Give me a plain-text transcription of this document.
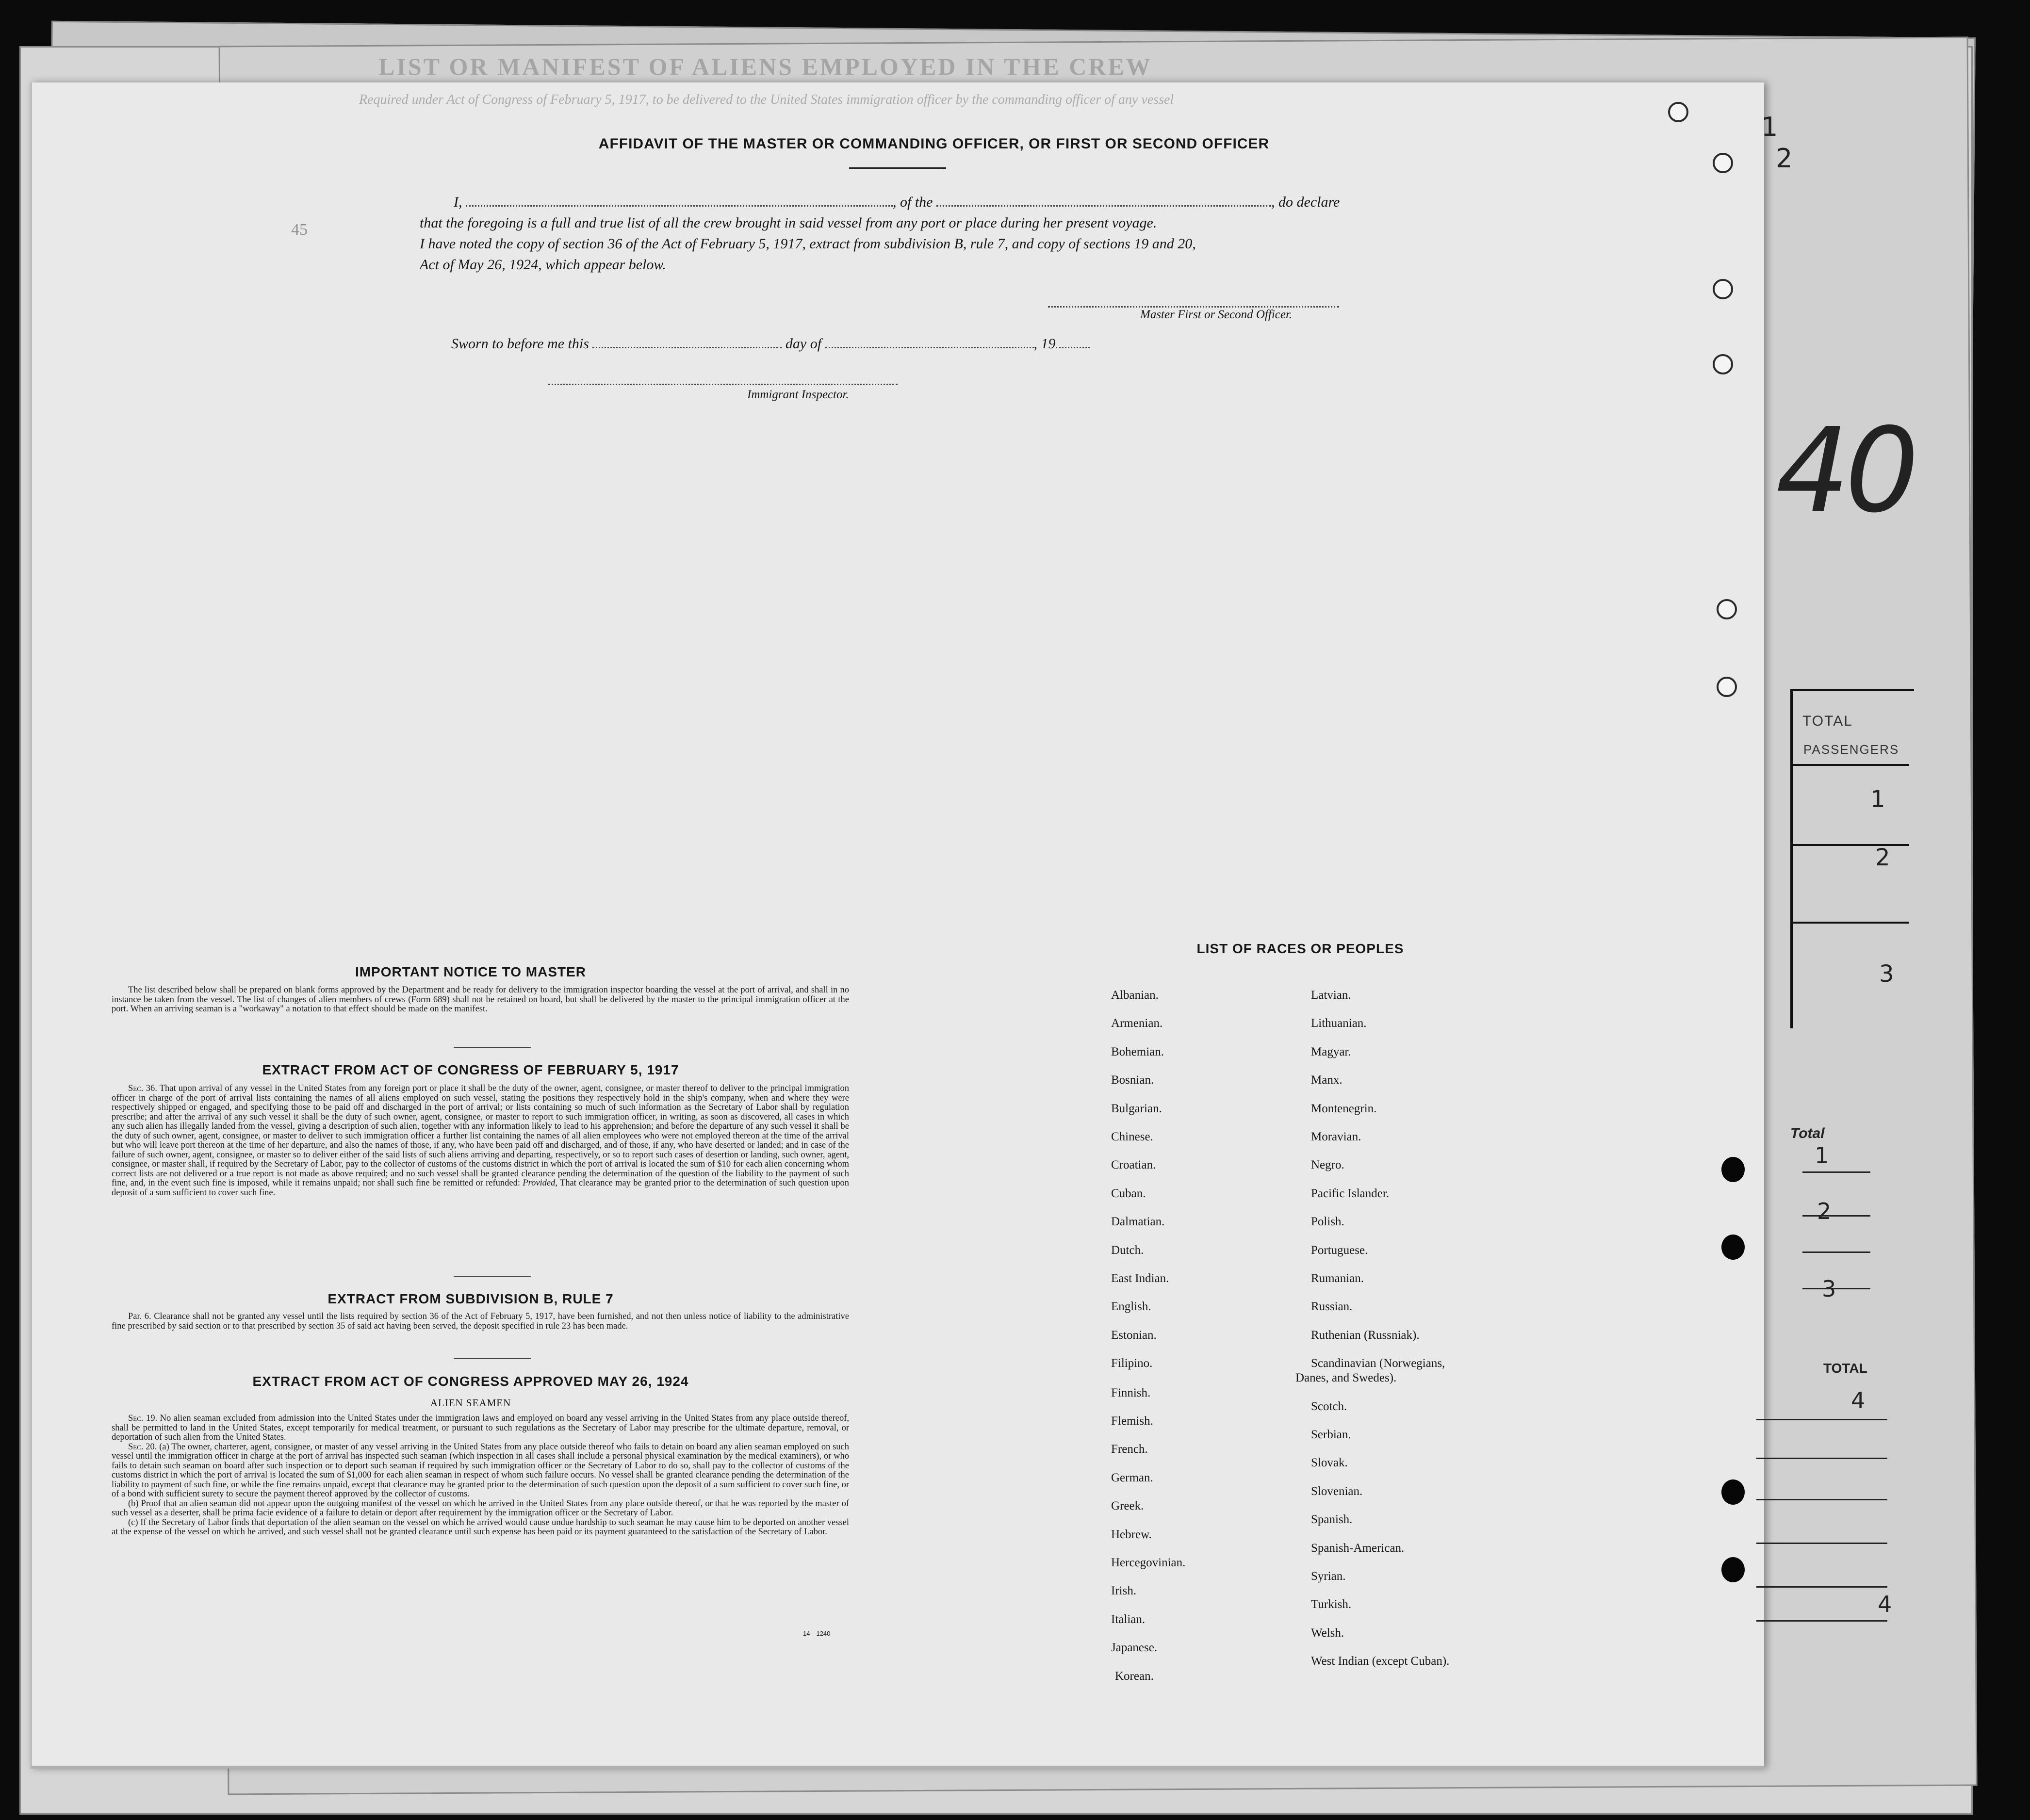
LIST OR MANIFEST OF ALIENS EMPLOYED IN THE CREW
Required under Act of Congress of February 5, 1917, to be delivered to the United States immigration officer by the commanding officer of any vessel
45
1
2
40
TOTAL
PASSENGERS
1
2
3
Total
1
2
3
TOTAL
4
4
AFFIDAVIT OF THE MASTER OR COMMANDING OFFICER, OR FIRST OR SECOND OFFICER
I,	, of the	, do declare
that the foregoing is a full and true list of all the crew brought in said vessel from any port or place during her present voyage.
I have noted the copy of section 36 of the Act of February 5, 1917, extract from subdivision B, rule 7, and copy of sections 19 and 20,
Act of May 26, 1924, which appear below.
Master First or Second Officer.
Sworn to before me this	day of	, 19
Immigrant Inspector.
IMPORTANT NOTICE TO MASTER

The list described below shall be prepared on blank forms approved by the Department and be ready for delivery to the immigration inspector boarding the vessel at the port of arrival, and shall in no instance be taken from the vessel. The list of changes of alien members of crews (Form 689) shall not be retained on board, but shall be delivered by the master to the principal immigration officer at the port. When an arriving seaman is a "workaway" a notation to that effect should be made on the manifest.

EXTRACT FROM ACT OF CONGRESS OF FEBRUARY 5, 1917

Sec. 36. That upon arrival of any vessel in the United States from any foreign port or place it shall be the duty of the owner, agent, consignee, or master thereof to deliver to the principal immigration officer in charge of the port of arrival lists containing the names of all aliens employed on such vessel, stating the positions they respectively hold in the ship's company, when and where they were respectively shipped or engaged, and specifying those to be paid off and discharged in the port of arrival; or lists containing so much of such information as the Secretary of Labor shall by regulation prescribe; and after the arrival of any such vessel it shall be the duty of such owner, agent, consignee, or master to report to such immigration officer, in writing, as soon as discovered, all cases in which any such alien has illegally landed from the vessel, giving a description of such alien, together with any information likely to lead to his apprehension; and before the departure of any such vessel it shall be the duty of such owner, agent, consignee, or master to deliver to such immigration officer a further list containing the names of all alien employees who were not employed thereon at the time of the arrival but who will leave port thereon at the time of her departure, and also the names of those, if any, who have been paid off and discharged, and of those, if any, who have deserted or landed; and in case of the failure of such owner, agent, consignee, or master so to deliver either of the said lists of such aliens arriving and departing, respectively, or so to report such cases of desertion or landing, such owner, agent, consignee, or master shall, if required by the Secretary of Labor, pay to the collector of customs of the customs district in which the port of arrival is located the sum of $10 for each alien concerning whom correct lists are not delivered or a true report is not made as above required; and no such vessel shall be granted clearance pending the determination of the question of the liability to the payment of such fine, and, in the event such fine is imposed, while it remains unpaid; nor shall such fine be remitted or refunded: Provided, That clearance may be granted prior to the determination of such question upon deposit of a sum sufficient to cover such fine.

EXTRACT FROM SUBDIVISION B, RULE 7

Par. 6. Clearance shall not be granted any vessel until the lists required by section 36 of the Act of February 5, 1917, have been furnished, and not then unless notice of liability to the administrative fine prescribed by said section or to that prescribed by section 35 of said act having been served, the deposit specified in rule 23 has been made.

EXTRACT FROM ACT OF CONGRESS APPROVED MAY 26, 1924
ALIEN SEAMEN

Sec. 19. No alien seaman excluded from admission into the United States under the immigration laws and employed on board any vessel arriving in the United States from any place outside thereof, shall be permitted to land in the United States, except temporarily for medical treatment, or pursuant to such regulations as the Secretary of Labor may prescribe for the ultimate departure, removal, or deportation of such alien from the United States.

Sec. 20. (a) The owner, charterer, agent, consignee, or master of any vessel arriving in the United States from any place outside thereof who fails to detain on board any alien seaman employed on such vessel until the immigration officer in charge at the port of arrival has inspected such seaman (which inspection in all cases shall include a personal physical examination by the medical examiners), or who fails to detain such seaman on board after such inspection or to deport such seaman if required by such immigration officer or the Secretary of Labor to do so, shall pay to the collector of customs of the customs district in which the port of arrival is located the sum of $1,000 for each alien seaman in respect of whom such failure occurs. No vessel shall be granted clearance pending the determination of the liability to payment of such fine, or while the fine remains unpaid, except that clearance may be granted prior to the determination of such question upon the deposit of a sum sufficient to cover such fine, or of a bond with sufficient surety to secure the payment thereof approved by the collector of customs.

(b) Proof that an alien seaman did not appear upon the outgoing manifest of the vessel on which he arrived in the United States from any place outside thereof, or that he was reported by the master of such vessel as a deserter, shall be prima facie evidence of a failure to detain or deport after requirement by the immigration officer or the Secretary of Labor.

(c) If the Secretary of Labor finds that deportation of the alien seaman on the vessel on which he arrived would cause undue hardship to such seaman he may cause him to be deported on another vessel at the expense of the vessel on which he arrived, and such vessel shall not be granted clearance until such expense has been paid or its payment guaranteed to the satisfaction of the Secretary of Labor.

14—1240
LIST OF RACES OR PEOPLES
Albanian.
Armenian.
Bohemian.
Bosnian.
Bulgarian.
Chinese.
Croatian.
Cuban.
Dalmatian.
Dutch.
East Indian.
English.
Estonian.
Filipino.
Finnish.
Flemish.
French.
German.
Greek.
Hebrew.
Hercegovinian.
Irish.
Italian.
Japanese.
Korean.
Latvian.
Lithuanian.
Magyar.
Manx.
Montenegrin.
Moravian.
Negro.
Pacific Islander.
Polish.
Portuguese.
Rumanian.
Russian.
Ruthenian (Russniak).
Scandinavian (Norwegians,
Danes, and Swedes).
Scotch.
Serbian.
Slovak.
Slovenian.
Spanish.
Spanish-American.
Syrian.
Turkish.
Welsh.
West Indian (except Cuban).
